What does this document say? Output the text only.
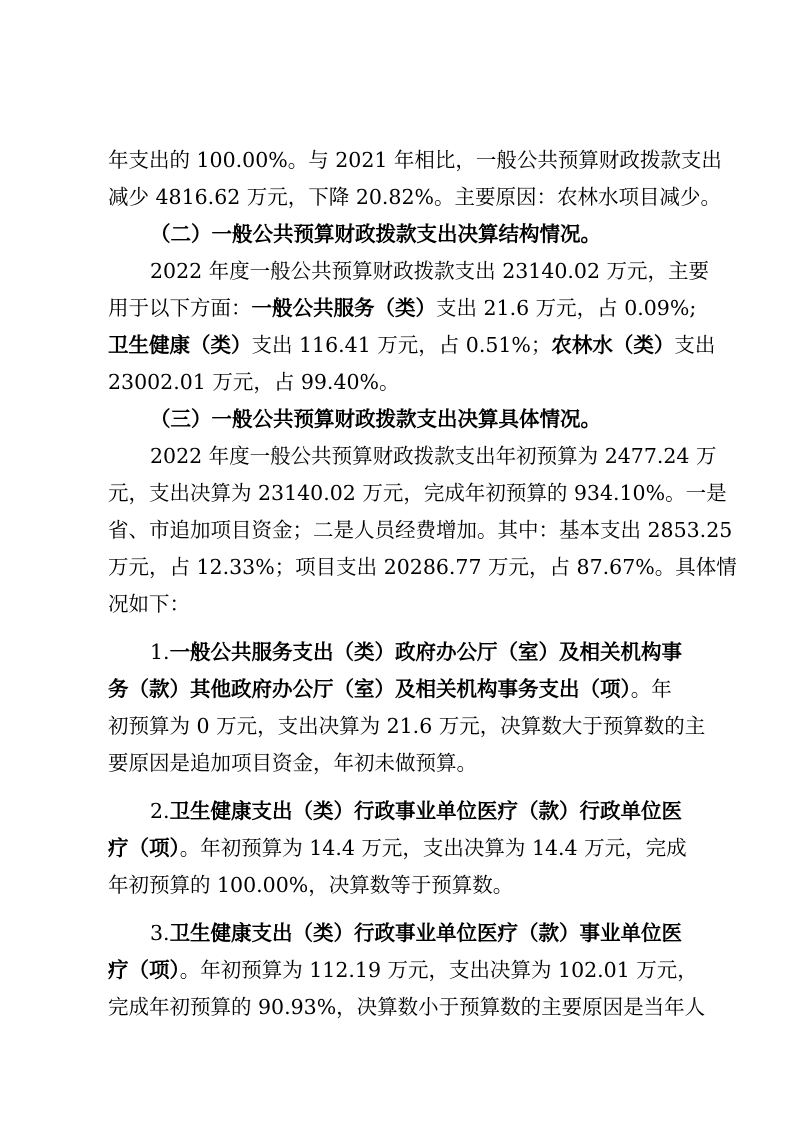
年支出的 100.00%。与 2021 年相比，一般公共预算财政拨款支出
减少 4816.62 万元，下降 20.82%。主要原因：农林水项目减少。
（二）一般公共预算财政拨款支出决算结构情况。
2022 年度一般公共预算财政拨款支出 23140.02 万元，主要
用于以下方面：一般公共服务（类）支出 21.6 万元，占 0.09%;
卫生健康（类）支出 116.41 万元，占 0.51%；农林水（类）支出
23002.01 万元，占 99.40%。
（三）一般公共预算财政拨款支出决算具体情况。
2022 年度一般公共预算财政拨款支出年初预算为 2477.24 万
元，支出决算为 23140.02 万元，完成年初预算的 934.10%。一是
省、市追加项目资金；二是人员经费增加。其中：基本支出 2853.25
万元，占 12.33%；项目支出 20286.77 万元，占 87.67%。具体情
况如下：
1.一般公共服务支出（类）政府办公厅（室）及相关机构事
务（款）其他政府办公厅（室）及相关机构事务支出（项）。年
初预算为 0 万元，支出决算为 21.6 万元，决算数大于预算数的主
要原因是追加项目资金，年初未做预算。
2.卫生健康支出（类）行政事业单位医疗（款）行政单位医
疗（项）。年初预算为 14.4 万元，支出决算为 14.4 万元，完成
年初预算的 100.00%，决算数等于预算数。
3.卫生健康支出（类）行政事业单位医疗（款）事业单位医
疗（项）。年初预算为 112.19 万元，支出决算为 102.01 万元，
完成年初预算的 90.93%，决算数小于预算数的主要原因是当年人
